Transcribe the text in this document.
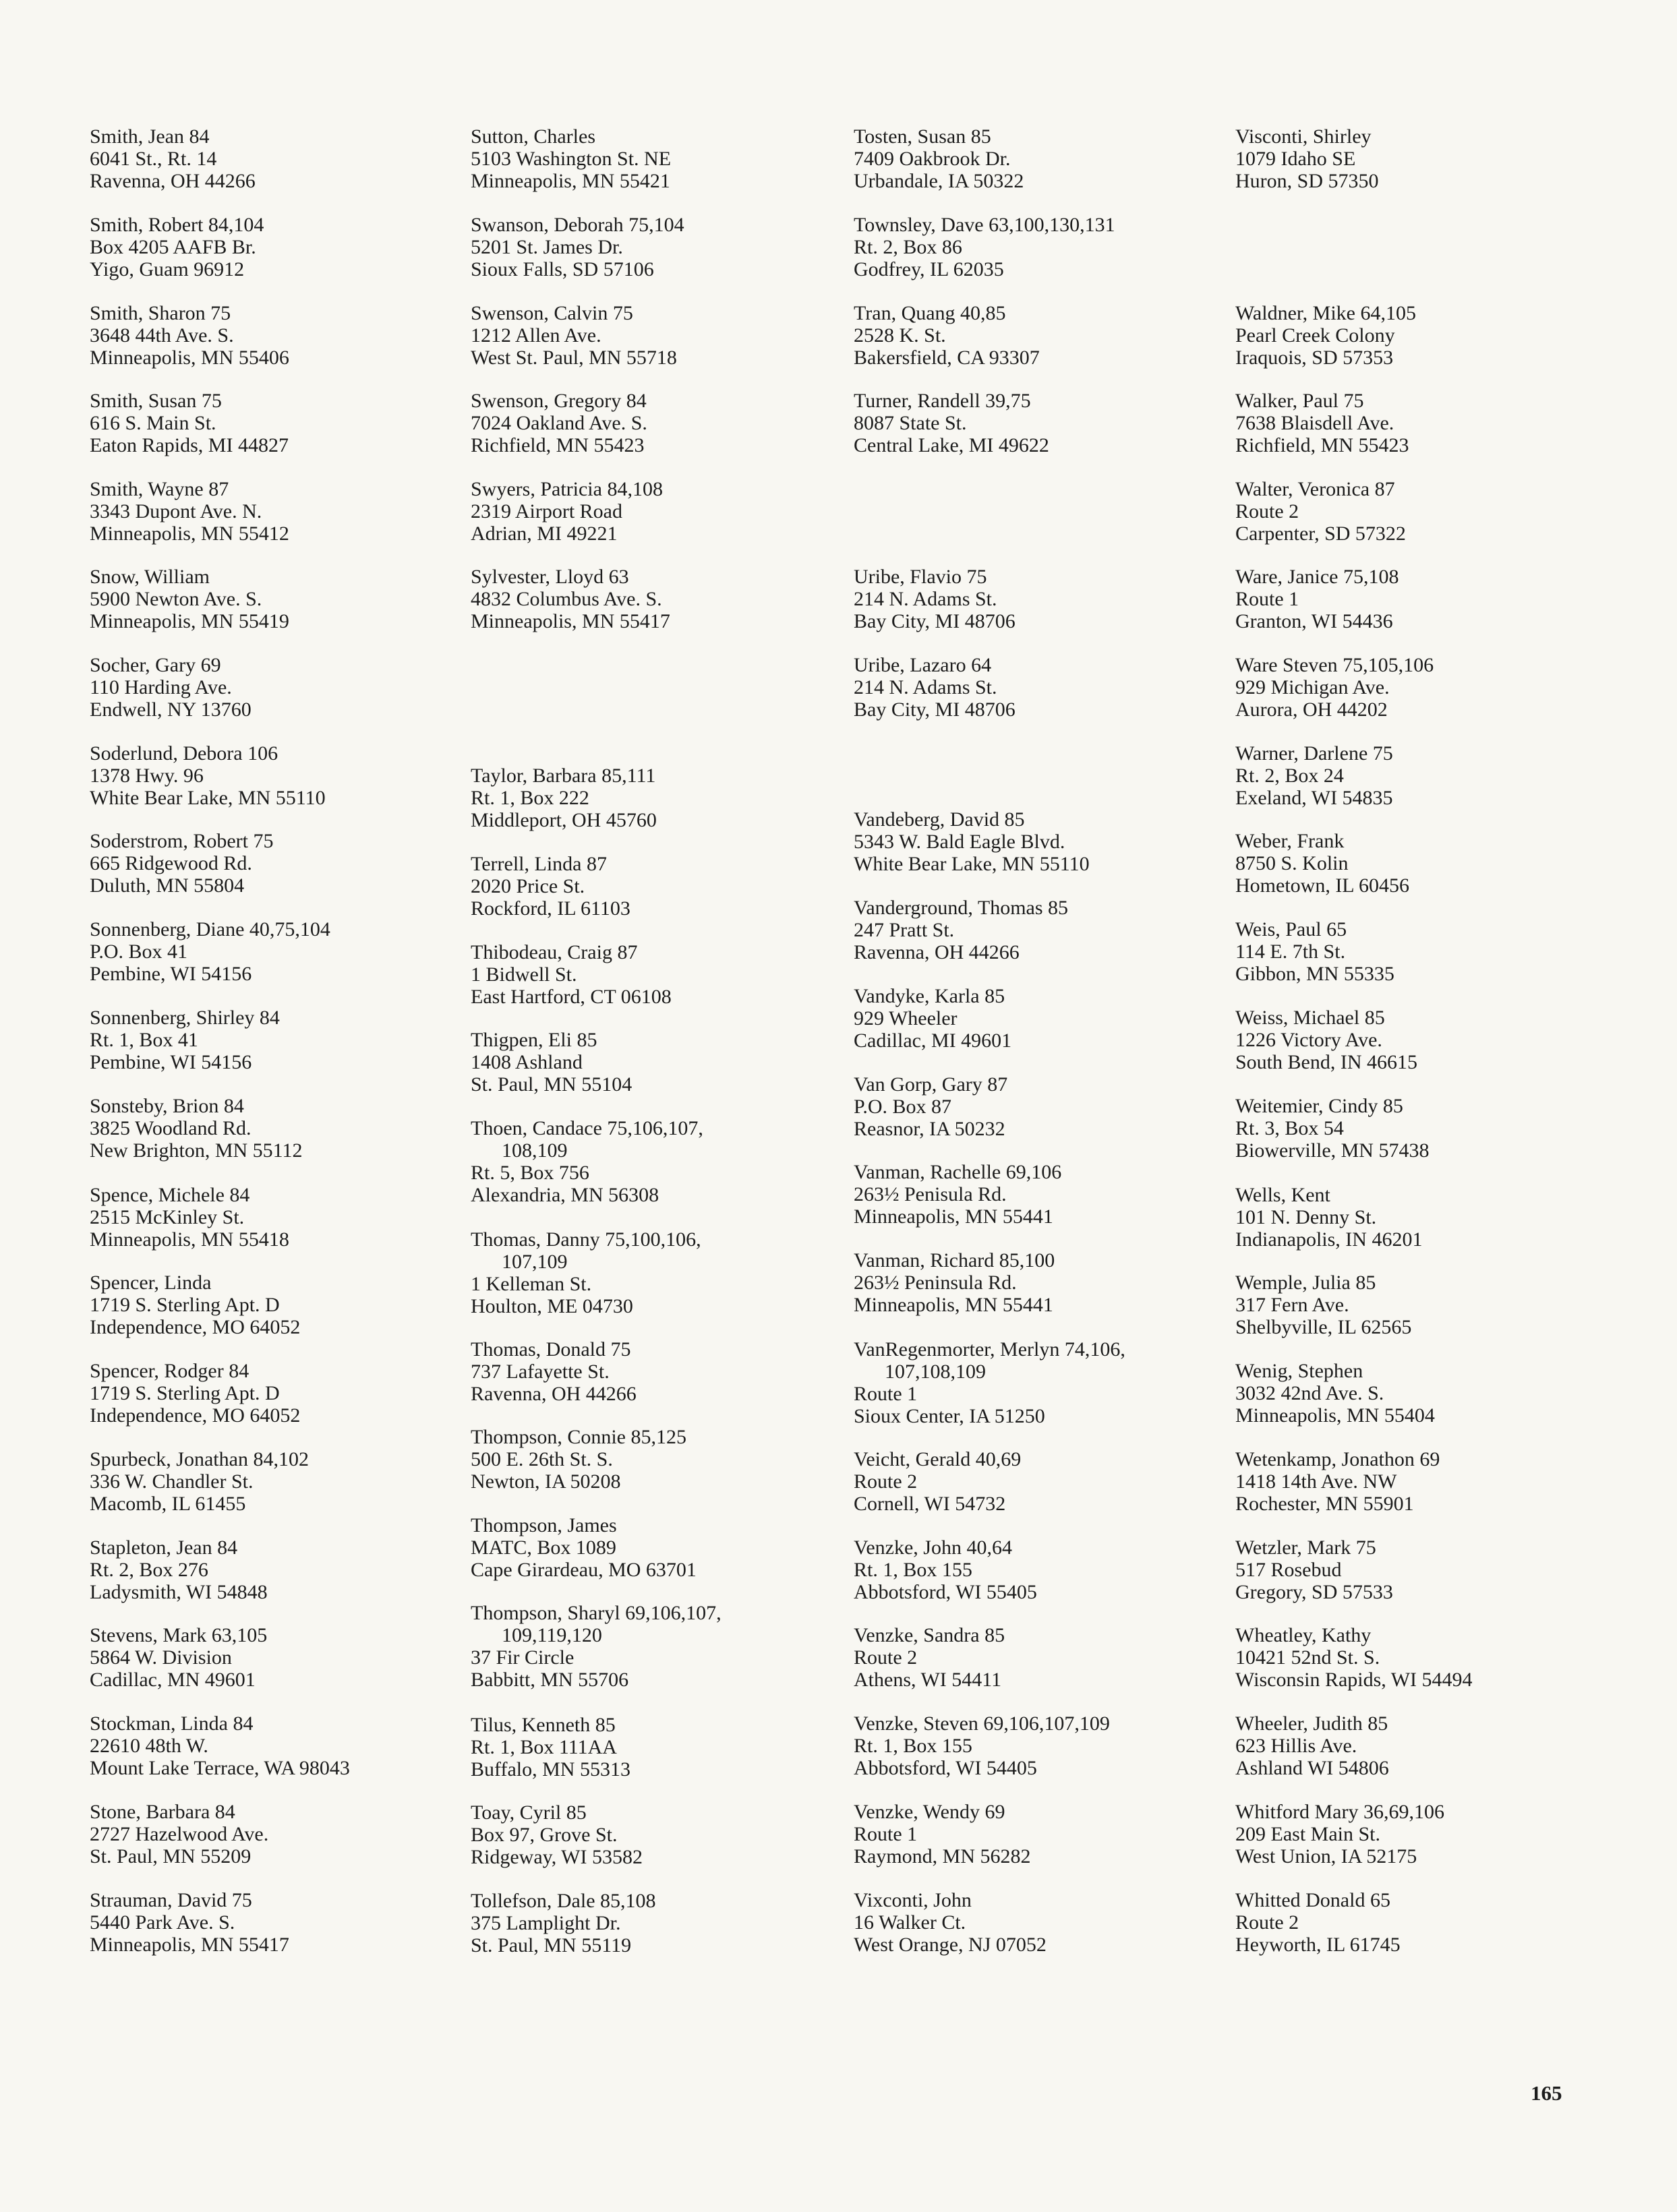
Smith, Jean 84
6041 St., Rt. 14
Ravenna, OH 44266
Smith, Robert 84,104
Box 4205 AAFB Br.
Yigo, Guam 96912
Smith, Sharon 75
3648 44th Ave. S.
Minneapolis, MN 55406
Smith, Susan 75
616 S. Main St.
Eaton Rapids, MI 44827
Smith, Wayne 87
3343 Dupont Ave. N.
Minneapolis, MN 55412
Snow, William
5900 Newton Ave. S.
Minneapolis, MN 55419
Socher, Gary 69
110 Harding Ave.
Endwell, NY 13760
Soderlund, Debora 106
1378 Hwy. 96
White Bear Lake, MN 55110
Soderstrom, Robert 75
665 Ridgewood Rd.
Duluth, MN 55804
Sonnenberg, Diane 40,75,104
P.O. Box 41
Pembine, WI 54156
Sonnenberg, Shirley 84
Rt. 1, Box 41
Pembine, WI 54156
Sonsteby, Brion 84
3825 Woodland Rd.
New Brighton, MN 55112
Spence, Michele 84
2515 McKinley St.
Minneapolis, MN 55418
Spencer, Linda
1719 S. Sterling Apt. D
Independence, MO 64052
Spencer, Rodger 84
1719 S. Sterling Apt. D
Independence, MO 64052
Spurbeck, Jonathan 84,102
336 W. Chandler St.
Macomb, IL 61455
Stapleton, Jean 84
Rt. 2, Box 276
Ladysmith, WI 54848
Stevens, Mark 63,105
5864 W. Division
Cadillac, MN 49601
Stockman, Linda 84
22610 48th W.
Mount Lake Terrace, WA 98043
Stone, Barbara 84
2727 Hazelwood Ave.
St. Paul, MN 55209
Strauman, David 75
5440 Park Ave. S.
Minneapolis, MN 55417
Sutton, Charles
5103 Washington St. NE
Minneapolis, MN 55421
Swanson, Deborah 75,104
5201 St. James Dr.
Sioux Falls, SD 57106
Swenson, Calvin 75
1212 Allen Ave.
West St. Paul, MN 55718
Swenson, Gregory 84
7024 Oakland Ave. S.
Richfield, MN 55423
Swyers, Patricia 84,108
2319 Airport Road
Adrian, MI 49221
Sylvester, Lloyd 63
4832 Columbus Ave. S.
Minneapolis, MN 55417
Taylor, Barbara 85,111
Rt. 1, Box 222
Middleport, OH 45760
Terrell, Linda 87
2020 Price St.
Rockford, IL 61103
Thibodeau, Craig 87
1 Bidwell St.
East Hartford, CT 06108
Thigpen, Eli 85
1408 Ashland
St. Paul, MN 55104
Thoen, Candace 75,106,107,
108,109
Rt. 5, Box 756
Alexandria, MN 56308
Thomas, Danny 75,100,106,
107,109
1 Kelleman St.
Houlton, ME 04730
Thomas, Donald 75
737 Lafayette St.
Ravenna, OH 44266
Thompson, Connie 85,125
500 E. 26th St. S.
Newton, IA 50208
Thompson, James
MATC, Box 1089
Cape Girardeau, MO 63701
Thompson, Sharyl 69,106,107,
109,119,120
37 Fir Circle
Babbitt, MN 55706
Tilus, Kenneth 85
Rt. 1, Box 111AA
Buffalo, MN 55313
Toay, Cyril 85
Box 97, Grove St.
Ridgeway, WI 53582
Tollefson, Dale 85,108
375 Lamplight Dr.
St. Paul, MN 55119
Tosten, Susan 85
7409 Oakbrook Dr.
Urbandale, IA 50322
Townsley, Dave 63,100,130,131
Rt. 2, Box 86
Godfrey, IL 62035
Tran, Quang 40,85
2528 K. St.
Bakersfield, CA 93307
Turner, Randell 39,75
8087 State St.
Central Lake, MI 49622
Uribe, Flavio 75
214 N. Adams St.
Bay City, MI 48706
Uribe, Lazaro 64
214 N. Adams St.
Bay City, MI 48706
Vandeberg, David 85
5343 W. Bald Eagle Blvd.
White Bear Lake, MN 55110
Vanderground, Thomas 85
247 Pratt St.
Ravenna, OH 44266
Vandyke, Karla 85
929 Wheeler
Cadillac, MI 49601
Van Gorp, Gary 87
P.O. Box 87
Reasnor, IA 50232
Vanman, Rachelle 69,106
263½ Penisula Rd.
Minneapolis, MN 55441
Vanman, Richard 85,100
263½ Peninsula Rd.
Minneapolis, MN 55441
VanRegenmorter, Merlyn 74,106,
107,108,109
Route 1
Sioux Center, IA 51250
Veicht, Gerald 40,69
Route 2
Cornell, WI 54732
Venzke, John 40,64
Rt. 1, Box 155
Abbotsford, WI 55405
Venzke, Sandra 85
Route 2
Athens, WI 54411
Venzke, Steven 69,106,107,109
Rt. 1, Box 155
Abbotsford, WI 54405
Venzke, Wendy 69
Route 1
Raymond, MN 56282
Vixconti, John
16 Walker Ct.
West Orange, NJ 07052
Visconti, Shirley
1079 Idaho SE
Huron, SD 57350
Waldner, Mike 64,105
Pearl Creek Colony
Iraquois, SD 57353
Walker, Paul 75
7638 Blaisdell Ave.
Richfield, MN 55423
Walter, Veronica 87
Route 2
Carpenter, SD 57322
Ware, Janice 75,108
Route 1
Granton, WI 54436
Ware Steven 75,105,106
929 Michigan Ave.
Aurora, OH 44202
Warner, Darlene 75
Rt. 2, Box 24
Exeland, WI 54835
Weber, Frank
8750 S. Kolin
Hometown, IL 60456
Weis, Paul 65
114 E. 7th St.
Gibbon, MN 55335
Weiss, Michael 85
1226 Victory Ave.
South Bend, IN 46615
Weitemier, Cindy 85
Rt. 3, Box 54
Biowerville, MN 57438
Wells, Kent
101 N. Denny St.
Indianapolis, IN 46201
Wemple, Julia 85
317 Fern Ave.
Shelbyville, IL 62565
Wenig, Stephen
3032 42nd Ave. S.
Minneapolis, MN 55404
Wetenkamp, Jonathon 69
1418 14th Ave. NW
Rochester, MN 55901
Wetzler, Mark 75
517 Rosebud
Gregory, SD 57533
Wheatley, Kathy
10421 52nd St. S.
Wisconsin Rapids, WI 54494
Wheeler, Judith 85
623 Hillis Ave.
Ashland WI 54806
Whitford Mary 36,69,106
209 East Main St.
West Union, IA 52175
Whitted Donald 65
Route 2
Heyworth, IL 61745
165
